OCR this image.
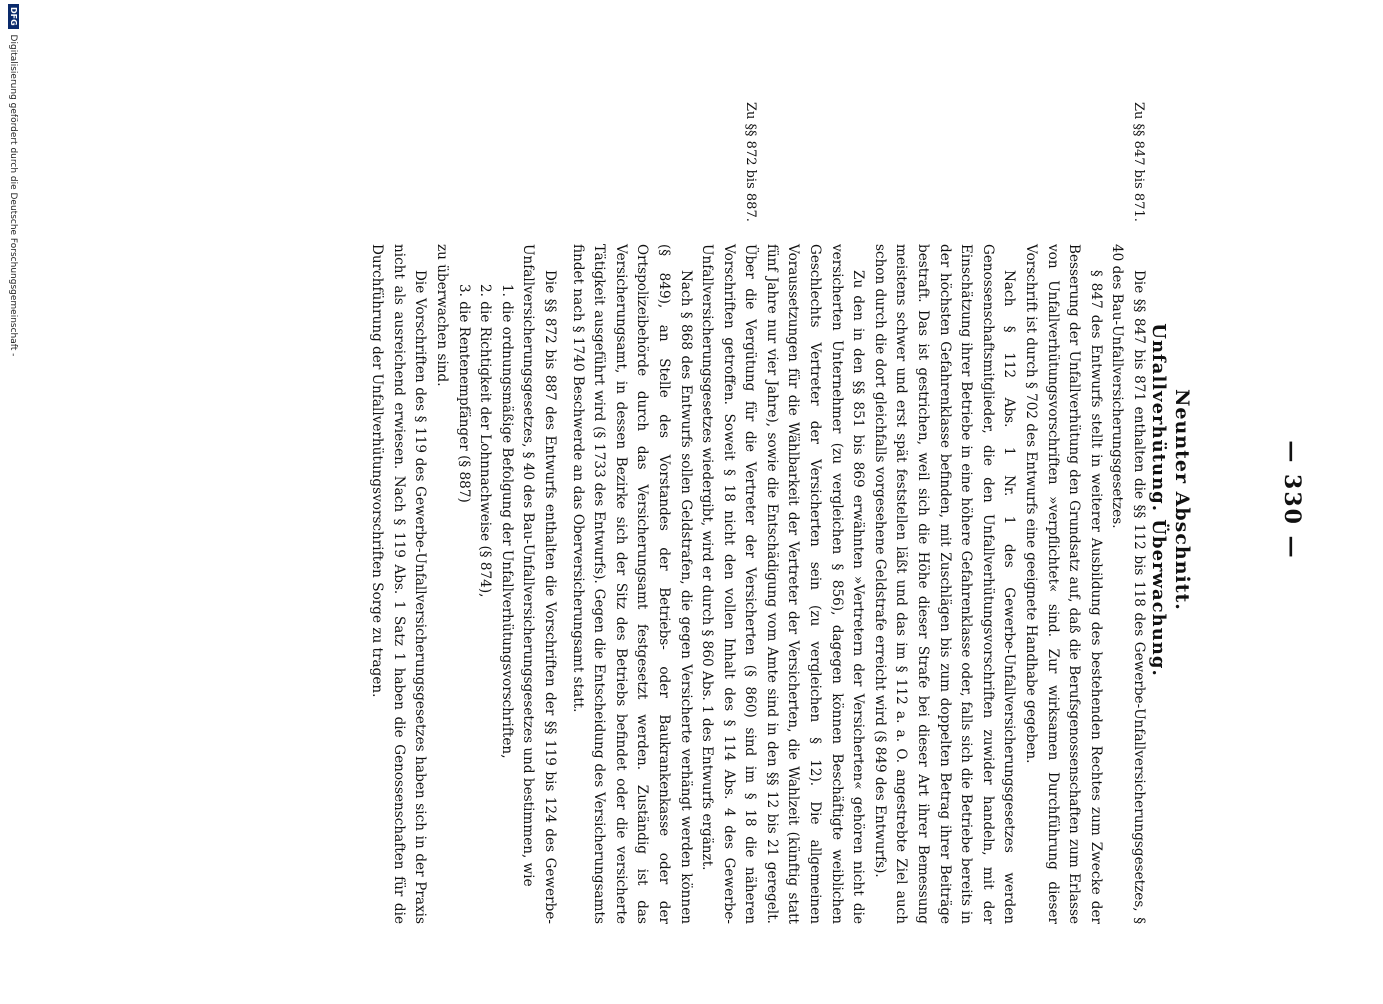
— 330 —
Neunter Abschnitt.
Unfallverhütung. Überwachung.
Zu §§ 847 bis 871.
Zu §§ 872 bis 887.

Die §§ 847 bis 871 enthalten die §§ 112 bis 118 des Gewerbe-Unfallversicherungsgesetzes, § 40 des Bau-Unfallversicherungsgesetzes.

§ 847 des Entwurfs stellt in weiterer Ausbildung des bestehenden Rechtes zum Zwecke der Besserung der Unfallverhütung den Grundsatz auf, daß die Berufsgenossenschaften zum Erlasse von Unfallverhütungsvorschriften »verpflichtet« sind. Zur wirksamen Durchführung dieser Vorschrift ist durch § 702 des Entwurfs eine geeignete Handhabe gegeben.

Nach § 112 Abs. 1 Nr. 1 des Gewerbe-Unfallversicherungsgesetzes werden Genossenschaftsmitglieder, die den Unfallverhütungsvorschriften zuwider handeln, mit der Einschätzung ihrer Betriebe in eine höhere Gefahrenklasse oder, falls sich die Betriebe bereits in der höchsten Gefahrenklasse befinden, mit Zuschlägen bis zum doppelten Betrag ihrer Beiträge bestraft. Das ist gestrichen, weil sich die Höhe dieser Strafe bei dieser Art ihrer Bemessung meistens schwer und erst spät feststellen läßt und das im § 112 a. a. O. angestrebte Ziel auch schon durch die dort gleichfalls vorgesehene Geldstrafe erreicht wird (§ 849 des Entwurfs).

Zu den in den §§ 851 bis 869 erwähnten »Vertretern der Versicherten« gehören nicht die versicherten Unternehmer (zu vergleichen § 856), dagegen können Beschäftigte weiblichen Geschlechts Vertreter der Versicherten sein (zu vergleichen § 12). Die allgemeinen Voraussetzungen für die Wählbarkeit der Vertreter der Versicherten, die Wahlzeit (künftig statt fünf Jahre nur vier Jahre), sowie die Entschädigung vom Amte sind in den §§ 12 bis 21 geregelt. Über die Vergütung für die Vertreter der Versicherten (§ 860) sind im § 18 die näheren Vorschriften getroffen. Soweit § 18 nicht den vollen Inhalt des § 114 Abs. 4 des Gewerbe-Unfallversicherungsgesetzes wiedergibt, wird er durch § 860 Abs. 1 des Entwurfs ergänzt.

Nach § 868 des Entwurfs sollen Geldstrafen, die gegen Versicherte verhängt werden können (§ 849), an Stelle des Vorstandes der Betriebs- oder Baukrankenkasse oder der Ortspolizeibehörde durch das Versicherungsamt festgesetzt werden. Zuständig ist das Versicherungsamt, in dessen Bezirke sich der Sitz des Betriebs befindet oder die versicherte Tätigkeit ausgeführt wird (§ 1733 des Entwurfs). Gegen die Entscheidung des Versicherungsamts findet nach § 1740 Beschwerde an das Oberversicherungsamt statt.

Die §§ 872 bis 887 des Entwurfs enthalten die Vorschriften der §§ 119 bis 124 des Gewerbe-Unfallversicherungsgesetzes, § 40 des Bau-Unfallversicherungsgesetzes und bestimmen, wie

1. die ordnungsmäßige Befolgung der Unfallverhütungsvorschriften,

2. die Richtigkeit der Lohnnachweise (§ 874),

3. die Rentenempfänger (§ 887)

zu überwachen sind.

Die Vorschriften des § 119 des Gewerbe-Unfallversicherungsgesetzes haben sich in der Praxis nicht als ausreichend erwiesen. Nach § 119 Abs. 1 Satz 1 haben die Genossenschaften für die Durchführung der Unfallverhütungsvorschriften Sorge zu tragen.

DFG Digitalisierung gefördert durch die Deutsche Forschungsgemeinschaft -
